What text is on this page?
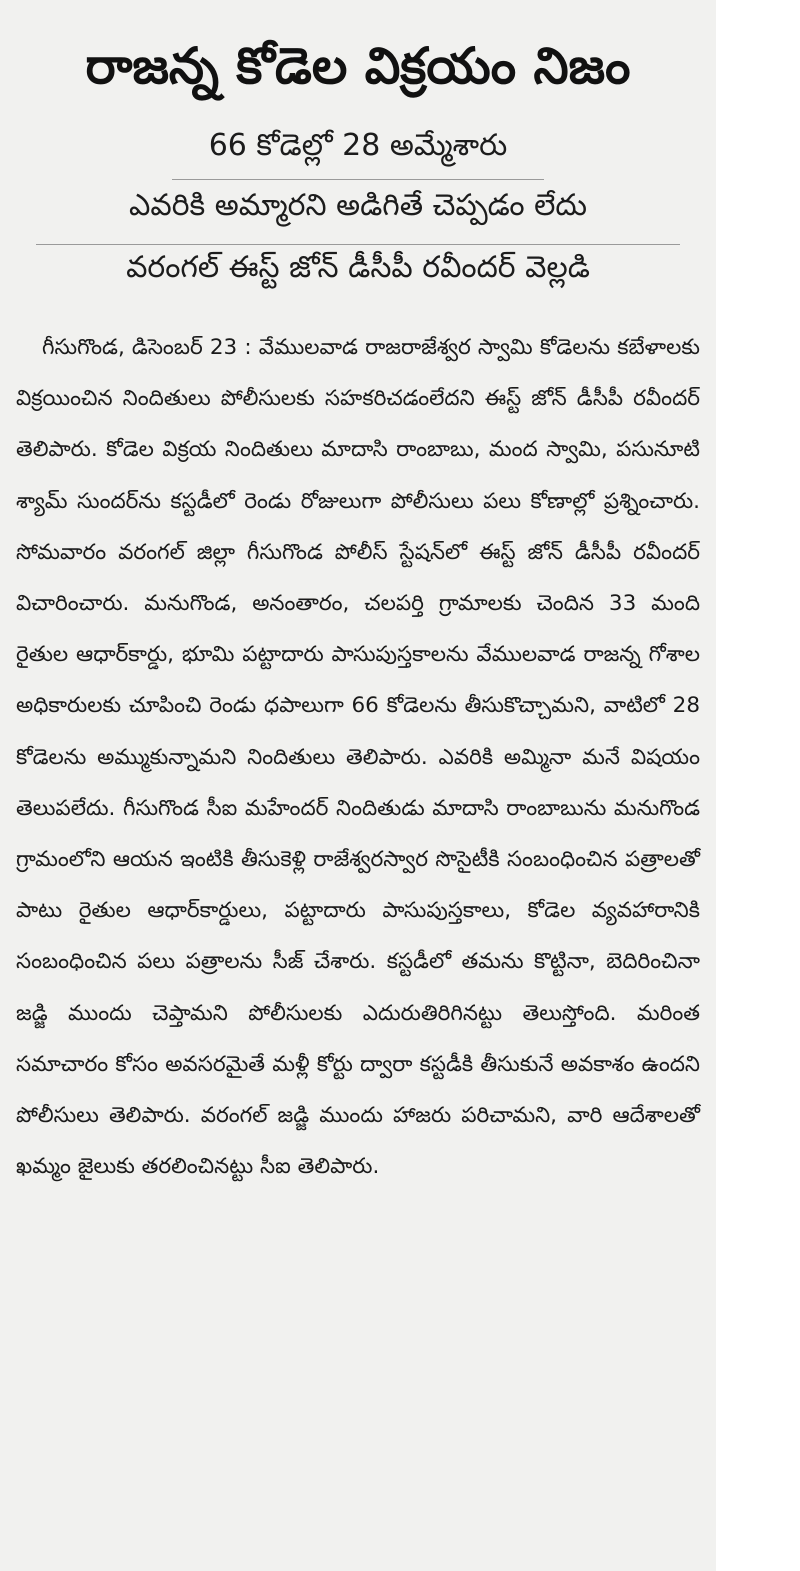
రాజన్న కోడెల విక్రయం నిజం
66 కోడెల్లో 28 అమ్మేశారు
ఎవరికి అమ్మారని అడిగితే చెప్పడం లేదు
వరంగల్ ఈస్ట్ జోన్ డీసీపీ రవీందర్ వెల్లడి
గీసుగొండ, డిసెంబర్ 23 : వేములవాడ రాజరాజేశ్వర స్వామి కోడెలను కబేళాలకు విక్రయించిన నిందితులు పోలీసులకు సహకరిచడంలేదని ఈస్ట్ జోన్ డీసీపీ రవీందర్ తెలిపారు. కోడెల విక్రయ నిందితులు మాదాసి రాంబాబు, మంద స్వామి, పసునూటి శ్యామ్ సుందర్‌ను కస్టడీలో రెండు రోజులుగా పోలీసులు పలు కోణాల్లో ప్రశ్నించారు. సోమవారం వరంగల్ జిల్లా గీసుగొండ పోలీస్ స్టేషన్‌లో ఈస్ట్ జోన్ డీసీపీ రవీందర్ విచారించారు. మనుగొండ, అనంతారం, చలపర్తి గ్రామాలకు చెందిన 33 మంది రైతుల ఆధార్‌కార్డు, భూమి పట్టాదారు పాసుపుస్తకాలను వేములవాడ రాజన్న గోశాల అధికారులకు చూపించి రెండు ధపాలుగా 66 కోడెలను తీసుకొచ్చామని, వాటిలో 28 కోడెలను అమ్ముకున్నామని నిందితులు తెలిపారు. ఎవరికి అమ్మినా మనే విషయం తెలుపలేదు. గీసుగొండ సీఐ మహేందర్ నిందితుడు మాదాసి రాంబాబును మనుగొండ గ్రామంలోని ఆయన ఇంటికి తీసుకెళ్లి రాజేశ్వరస్వార సొసైటీకి సంబంధించిన పత్రాలతో పాటు రైతుల ఆధార్‌కార్డులు, పట్టాదారు పాసుపుస్తకాలు, కోడెల వ్యవహారానికి సంబంధించిన పలు పత్రాలను సీజ్ చేశారు. కస్టడీలో తమను కొట్టినా, బెదిరించినా జడ్జి ముందు చెప్తామని పోలీసులకు ఎదురుతిరిగినట్టు తెలుస్తోంది. మరింత సమాచారం కోసం అవసరమైతే మళ్లీ కోర్టు ద్వారా కస్టడీకి తీసుకునే అవకాశం ఉందని పోలీసులు తెలిపారు. వరంగల్ జడ్జి ముందు హాజరు పరిచామని, వారి ఆదేశాలతో ఖమ్మం జైలుకు తరలించినట్టు సీఐ తెలిపారు.
